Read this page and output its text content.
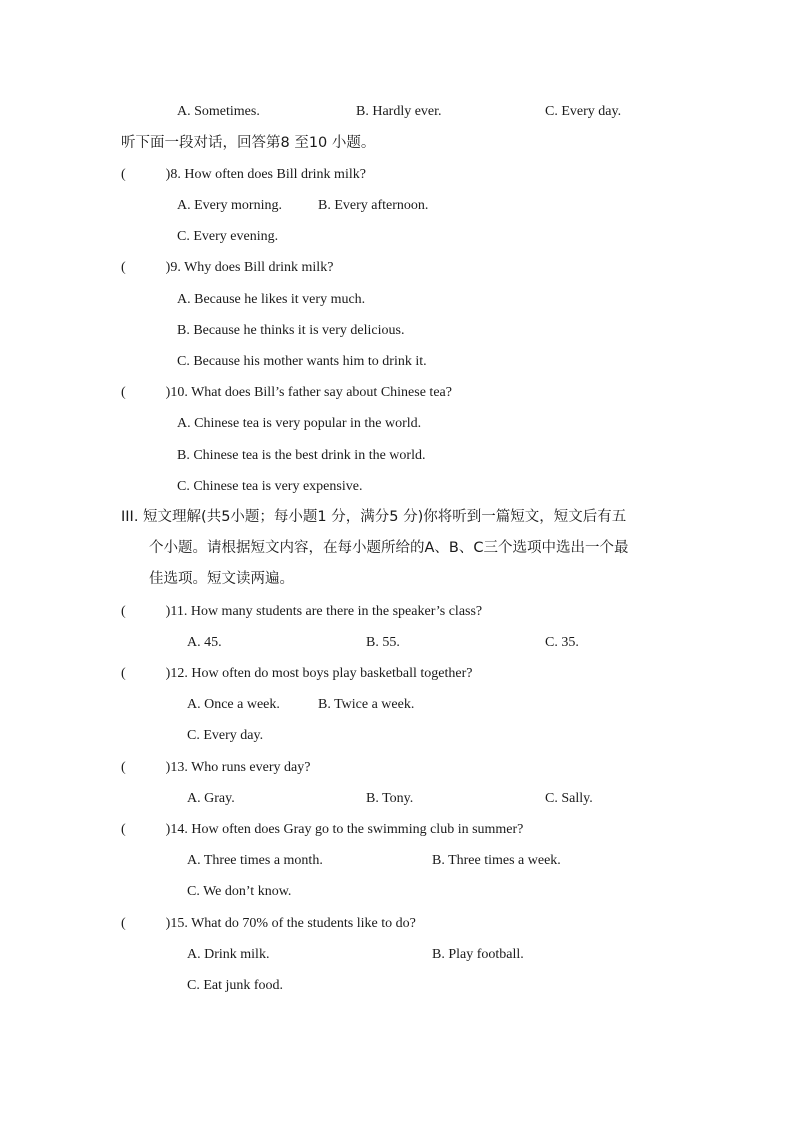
A. Sometimes.	B. Hardly ever.	C. Every day.
听下面一段对话，回答第8 至10 小题。
(	)8. How often does Bill drink milk?
A. Every morning.	B. Every afternoon.
C. Every evening.
(	)9. Why does Bill drink milk?
A. Because he likes it very much.
B. Because he thinks it is very delicious.
C. Because his mother wants him to drink it.
(	)10. What does Bill’s father say about Chinese tea?
A. Chinese tea is very popular in the world.
B. Chinese tea is the best drink in the world.
C. Chinese tea is very expensive.
III. 短文理解(共5小题；每小题1 分，满分5 分)你将听到一篇短文，短文后有五
个小题。请根据短文内容，在每小题所给的A、B、C三个选项中选出一个最
佳选项。短文读两遍。
(	)11. How many students are there in the speaker’s class?
A. 45.	B. 55.	C. 35.
(	)12. How often do most boys play basketball together?
A. Once a week.	B. Twice a week.
C. Every day.
(	)13. Who runs every day?
A. Gray.	B. Tony.	C. Sally.
(	)14. How often does Gray go to the swimming club in summer?
A. Three times a month.	B. Three times a week.
C. We don’t know.
(	)15. What do 70% of the students like to do?
A. Drink milk.	B. Play football.
C. Eat junk food.
